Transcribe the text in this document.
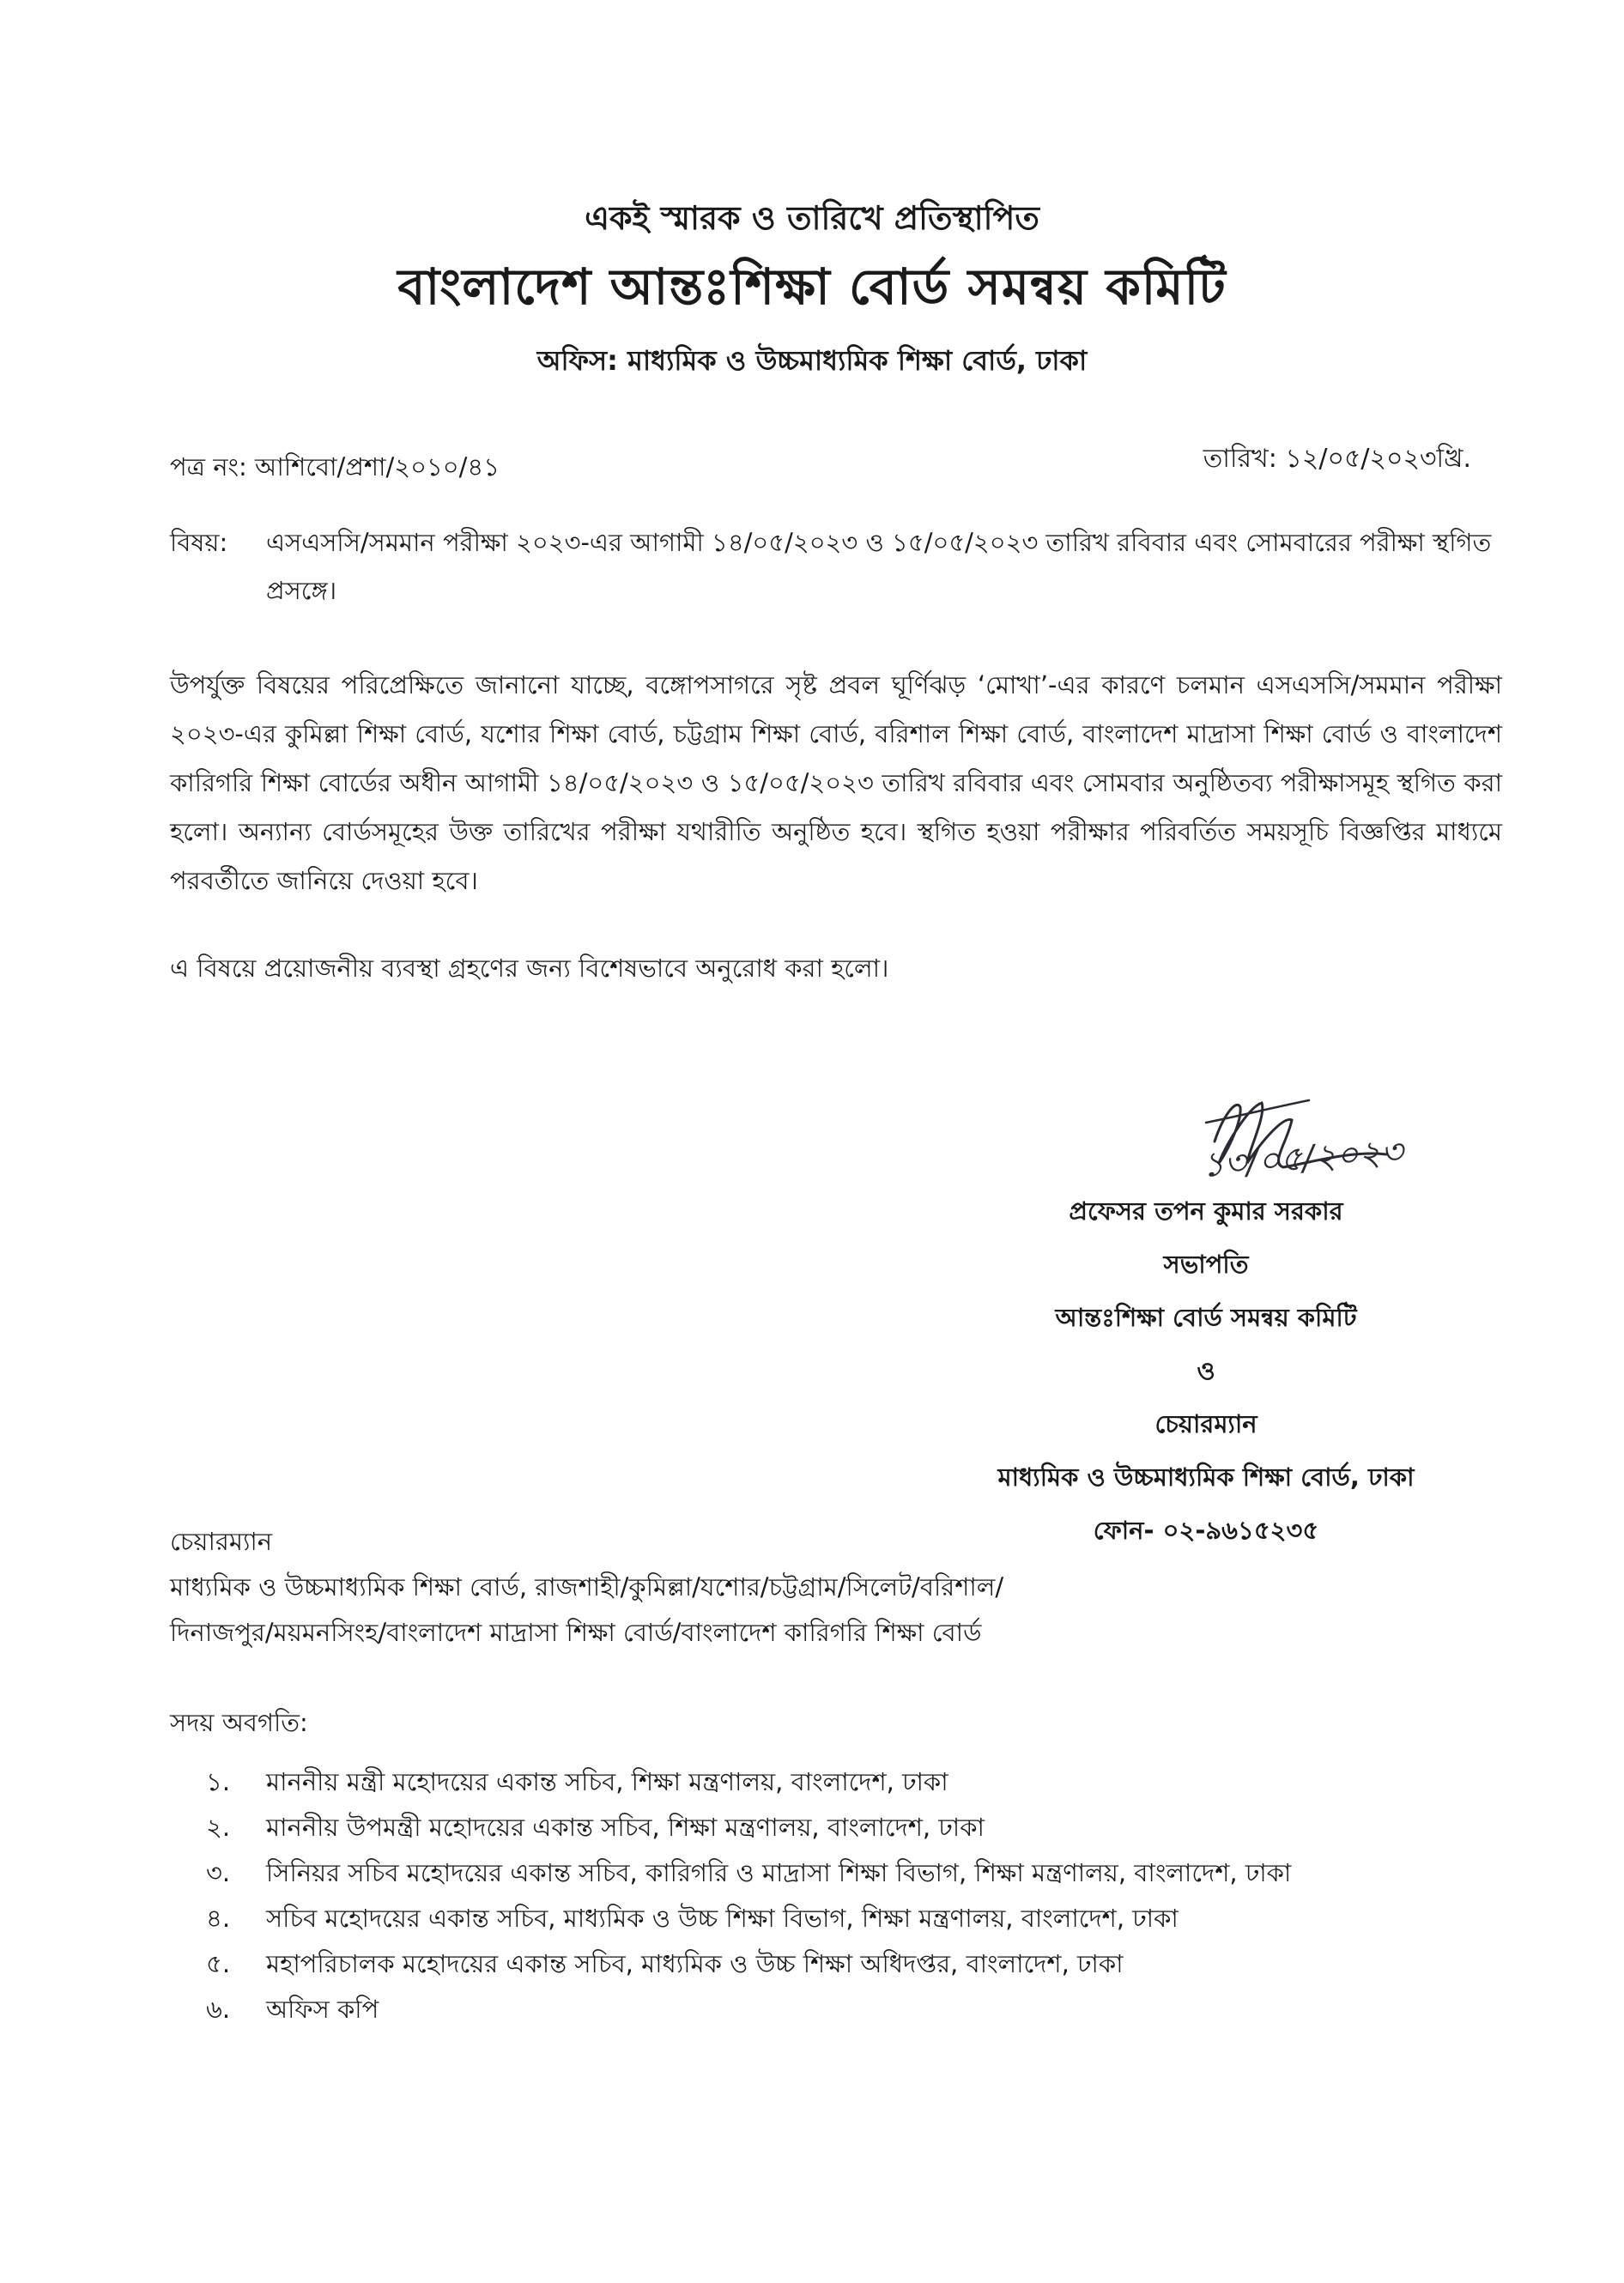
একই স্মারক ও তারিখে প্রতিস্থাপিত
বাংলাদেশ আন্তঃশিক্ষা বোর্ড সমন্বয় কমিটি
অফিস: মাধ্যমিক ও উচ্চমাধ্যমিক শিক্ষা বোর্ড, ঢাকা
পত্র নং: আশিবো/প্রশা/২০১০/৪১	তারিখ: ১২/০৫/২০২৩খ্রি.
বিষয়: এসএসসি/সমমান পরীক্ষা ২০২৩-এর আগামী ১৪/০৫/২০২৩ ও ১৫/০৫/২০২৩ তারিখ রবিবার এবং সোমবারের পরীক্ষা স্থগিত প্রসঙ্গে।
উপর্যুক্ত বিষয়ের পরিপ্রেক্ষিতে জানানো যাচ্ছে, বঙ্গোপসাগরে সৃষ্ট প্রবল ঘূর্ণিঝড় ‘মোখা’-এর কারণে চলমান এসএসসি/সমমান পরীক্ষা ২০২৩-এর কুমিল্লা শিক্ষা বোর্ড, যশোর শিক্ষা বোর্ড, চট্টগ্রাম শিক্ষা বোর্ড, বরিশাল শিক্ষা বোর্ড, বাংলাদেশ মাদ্রাসা শিক্ষা বোর্ড ও বাংলাদেশ কারিগরি শিক্ষা বোর্ডের অধীন আগামী ১৪/০৫/২০২৩ ও ১৫/০৫/২০২৩ তারিখ রবিবার এবং সোমবার অনুষ্ঠিতব্য পরীক্ষাসমূহ স্থগিত করা হলো। অন্যান্য বোর্ডসমূহের উক্ত তারিখের পরীক্ষা যথারীতি অনুষ্ঠিত হবে। স্থগিত হওয়া পরীক্ষার পরিবর্তিত সময়সূচি বিজ্ঞপ্তির মাধ্যমে পরবর্তীতে জানিয়ে দেওয়া হবে।
এ বিষয়ে প্রয়োজনীয় ব্যবস্থা গ্রহণের জন্য বিশেষভাবে অনুরোধ করা হলো।
১৩/০৫/২০২৩
প্রফেসর তপন কুমার সরকার
সভাপতি
আন্তঃশিক্ষা বোর্ড সমন্বয় কমিটি
ও
চেয়ারম্যান
মাধ্যমিক ও উচ্চমাধ্যমিক শিক্ষা বোর্ড, ঢাকা
ফোন- ০২-৯৬১৫২৩৫
চেয়ারম্যান
মাধ্যমিক ও উচ্চমাধ্যমিক শিক্ষা বোর্ড, রাজশাহী/কুমিল্লা/যশোর/চট্টগ্রাম/সিলেট/বরিশাল/
দিনাজপুর/ময়মনসিংহ/বাংলাদেশ মাদ্রাসা শিক্ষা বোর্ড/বাংলাদেশ কারিগরি শিক্ষা বোর্ড
সদয় অবগতি:
১.	মাননীয় মন্ত্রী মহোদয়ের একান্ত সচিব, শিক্ষা মন্ত্রণালয়, বাংলাদেশ, ঢাকা
২.	মাননীয় উপমন্ত্রী মহোদয়ের একান্ত সচিব, শিক্ষা মন্ত্রণালয়, বাংলাদেশ, ঢাকা
৩.	সিনিয়র সচিব মহোদয়ের একান্ত সচিব, কারিগরি ও মাদ্রাসা শিক্ষা বিভাগ, শিক্ষা মন্ত্রণালয়, বাংলাদেশ, ঢাকা
৪.	সচিব মহোদয়ের একান্ত সচিব, মাধ্যমিক ও উচ্চ শিক্ষা বিভাগ, শিক্ষা মন্ত্রণালয়, বাংলাদেশ, ঢাকা
৫.	মহাপরিচালক মহোদয়ের একান্ত সচিব, মাধ্যমিক ও উচ্চ শিক্ষা অধিদপ্তর, বাংলাদেশ, ঢাকা
৬.	অফিস কপি
